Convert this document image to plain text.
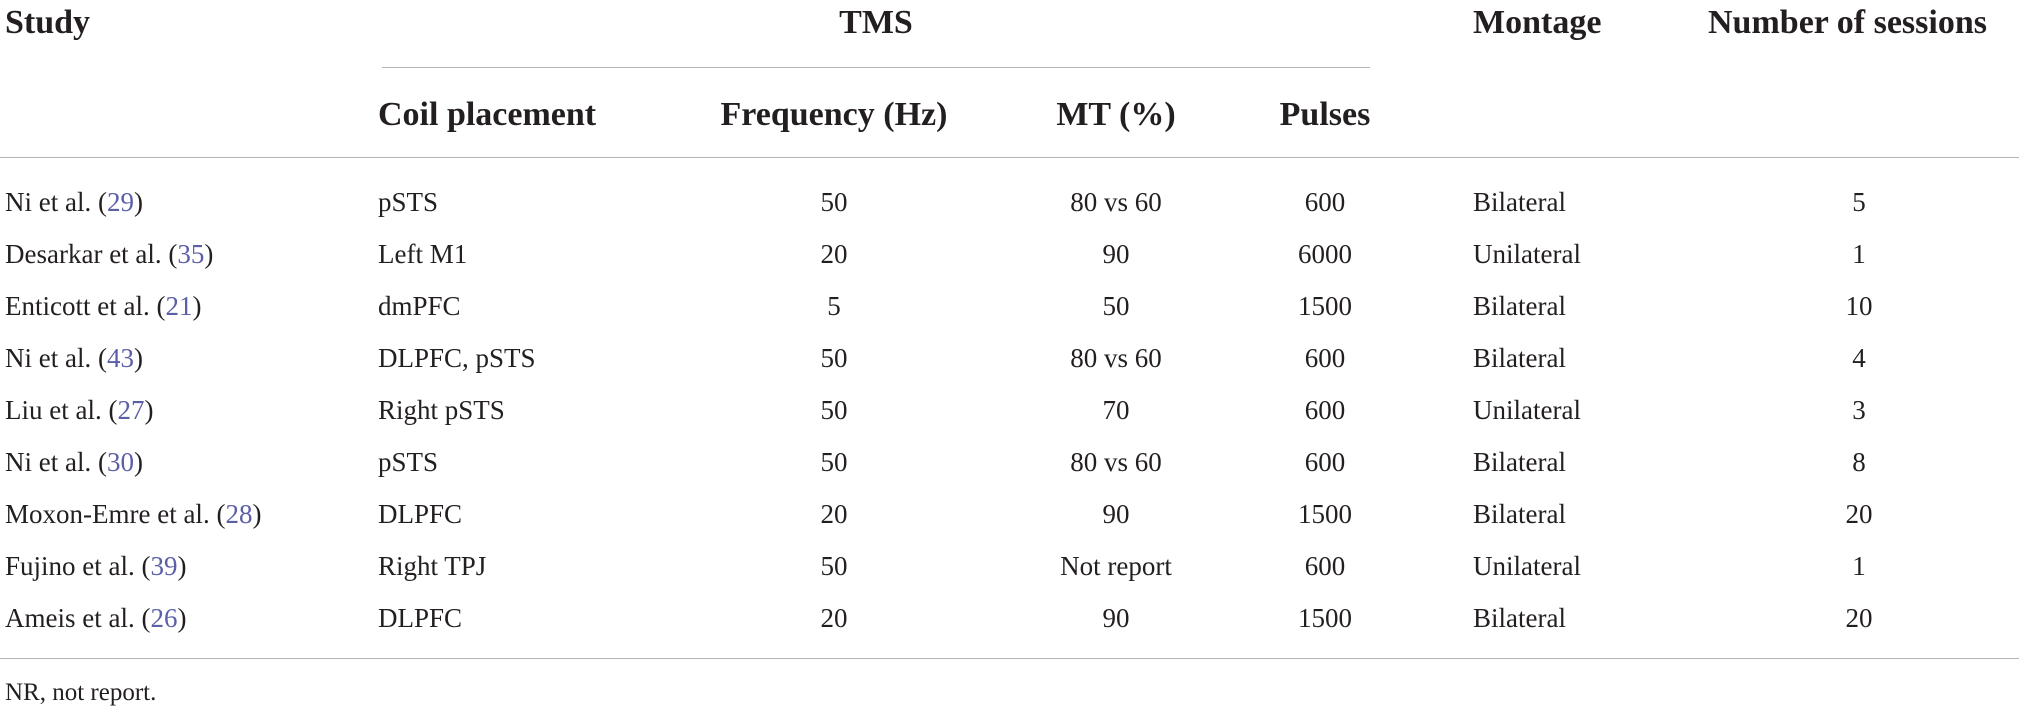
Study	TMS	Montage	Number of sessions
Coil placement	Frequency (Hz)	MT (%)	Pulses
Ni et al. (29)	pSTS	50	80 vs 60	600	Bilateral	5
Desarkar et al. (35)	Left M1	20	90	6000	Unilateral	1
Enticott et al. (21)	dmPFC	5	50	1500	Bilateral	10
Ni et al. (43)	DLPFC, pSTS	50	80 vs 60	600	Bilateral	4
Liu et al. (27)	Right pSTS	50	70	600	Unilateral	3
Ni et al. (30)	pSTS	50	80 vs 60	600	Bilateral	8
Moxon-Emre et al. (28)	DLPFC	20	90	1500	Bilateral	20
Fujino et al. (39)	Right TPJ	50	Not report	600	Unilateral	1
Ameis et al. (26)	DLPFC	20	90	1500	Bilateral	20
NR, not report.
